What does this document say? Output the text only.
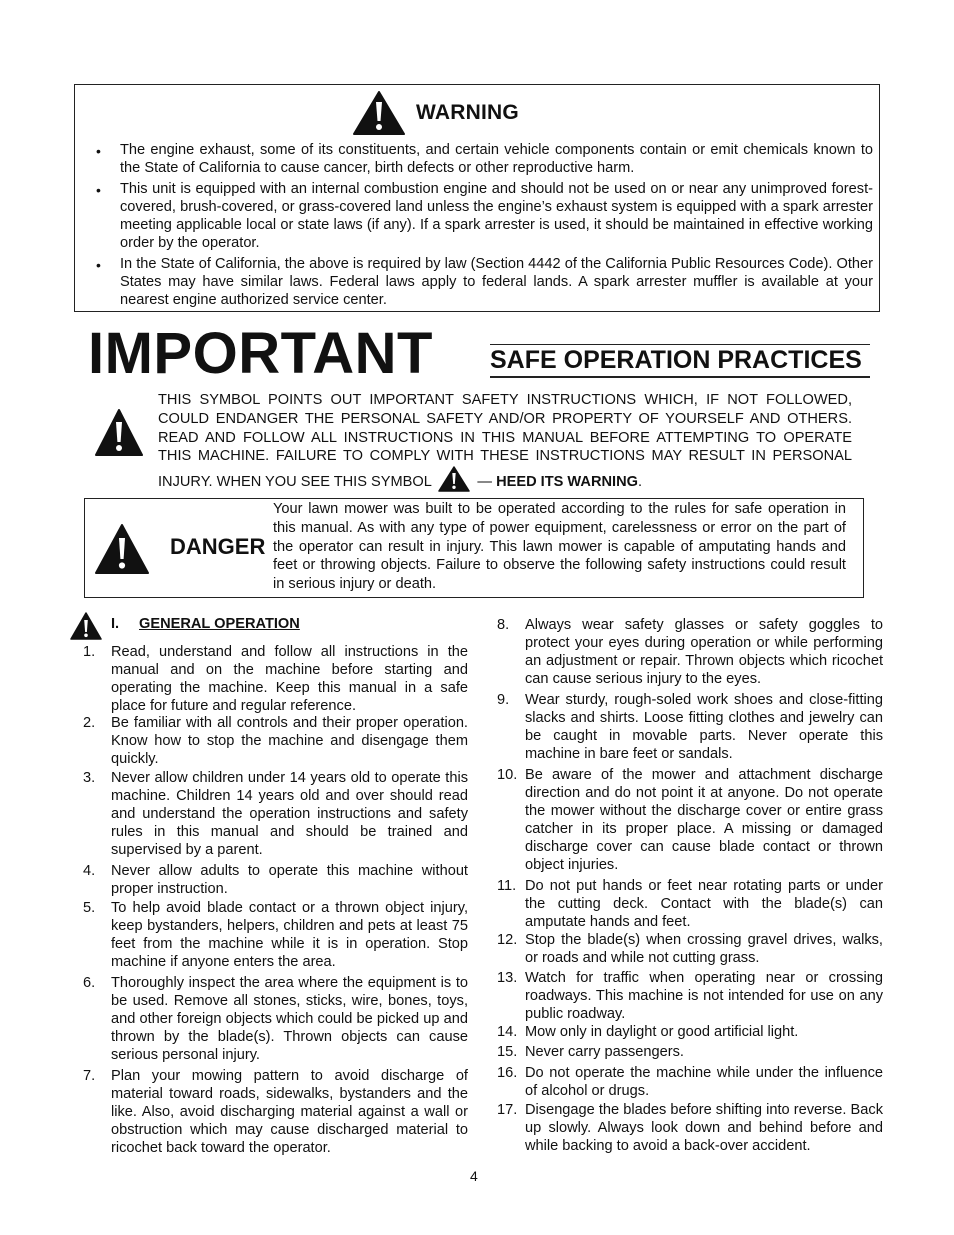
WARNING
• The engine exhaust, some of its constituents, and certain vehicle components contain or emit chemicals known to the State of California to cause cancer, birth defects or other reproductive harm.
• This unit is equipped with an internal combustion engine and should not be used on or near any unimproved forest-covered, brush-covered, or grass-covered land unless the engine’s exhaust system is equipped with a spark arrester meeting applicable local or state laws (if any). If a spark arrester is used, it should be maintained in effective working order by the operator.
• In the State of California, the above is required by law (Section 4442 of the California Public Resources Code). Other States may have similar laws. Federal laws apply to federal lands. A spark arrester muffler is available at your nearest engine authorized service center.
IMPORTANT SAFE OPERATION PRACTICES
THIS SYMBOL POINTS OUT IMPORTANT SAFETY INSTRUCTIONS WHICH, IF NOT FOLLOWED, COULD ENDANGER THE PERSONAL SAFETY AND/OR PROPERTY OF YOURSELF AND OTHERS. READ AND FOLLOW ALL INSTRUCTIONS IN THIS MANUAL BEFORE ATTEMPTING TO OPERATE THIS MACHINE. FAILURE TO COMPLY WITH THESE INSTRUCTIONS MAY RESULT IN PERSONAL INJURY. WHEN YOU SEE THIS SYMBOL	— HEED ITS WARNING.
DANGER
Your lawn mower was built to be operated according to the rules for safe operation in this manual. As with any type of power equipment, carelessness or error on the part of the operator can result in injury. This lawn mower is capable of amputating hands and feet or throwing objects. Failure to observe the following safety instructions could result in serious injury or death.
I. GENERAL OPERATION
1. Read, understand and follow all instructions in the manual and on the machine before starting and operating the machine. Keep this manual in a safe place for future and regular reference.
2. Be familiar with all controls and their proper operation. Know how to stop the machine and disengage them quickly.
3. Never allow children under 14 years old to operate this machine. Children 14 years old and over should read and understand the operation instructions and safety rules in this manual and should be trained and supervised by a parent.
4. Never allow adults to operate this machine without proper instruction.
5. To help avoid blade contact or a thrown object injury, keep bystanders, helpers, children and pets at least 75 feet from the machine while it is in operation. Stop machine if anyone enters the area.
6. Thoroughly inspect the area where the equipment is to be used. Remove all stones, sticks, wire, bones, toys, and other foreign objects which could be picked up and thrown by the blade(s). Thrown objects can cause serious personal injury.
7. Plan your mowing pattern to avoid discharge of material toward roads, sidewalks, bystanders and the like. Also, avoid discharging material against a wall or obstruction which may cause discharged material to ricochet back toward the operator.
8. Always wear safety glasses or safety goggles to protect your eyes during operation or while performing an adjustment or repair. Thrown objects which ricochet can cause serious injury to the eyes.
9. Wear sturdy, rough-soled work shoes and close-fitting slacks and shirts. Loose fitting clothes and jewelry can be caught in movable parts. Never operate this machine in bare feet or sandals.
10. Be aware of the mower and attachment discharge direction and do not point it at anyone. Do not operate the mower without the discharge cover or entire grass catcher in its proper place. A missing or damaged discharge cover can cause blade contact or thrown object injuries.
11. Do not put hands or feet near rotating parts or under the cutting deck. Contact with the blade(s) can amputate hands and feet.
12. Stop the blade(s) when crossing gravel drives, walks, or roads and while not cutting grass.
13. Watch for traffic when operating near or crossing roadways. This machine is not intended for use on any public roadway.
14. Mow only in daylight or good artificial light.
15. Never carry passengers.
16. Do not operate the machine while under the influence of alcohol or drugs.
17. Disengage the blades before shifting into reverse. Back up slowly. Always look down and behind before and while backing to avoid a back-over accident.
4
